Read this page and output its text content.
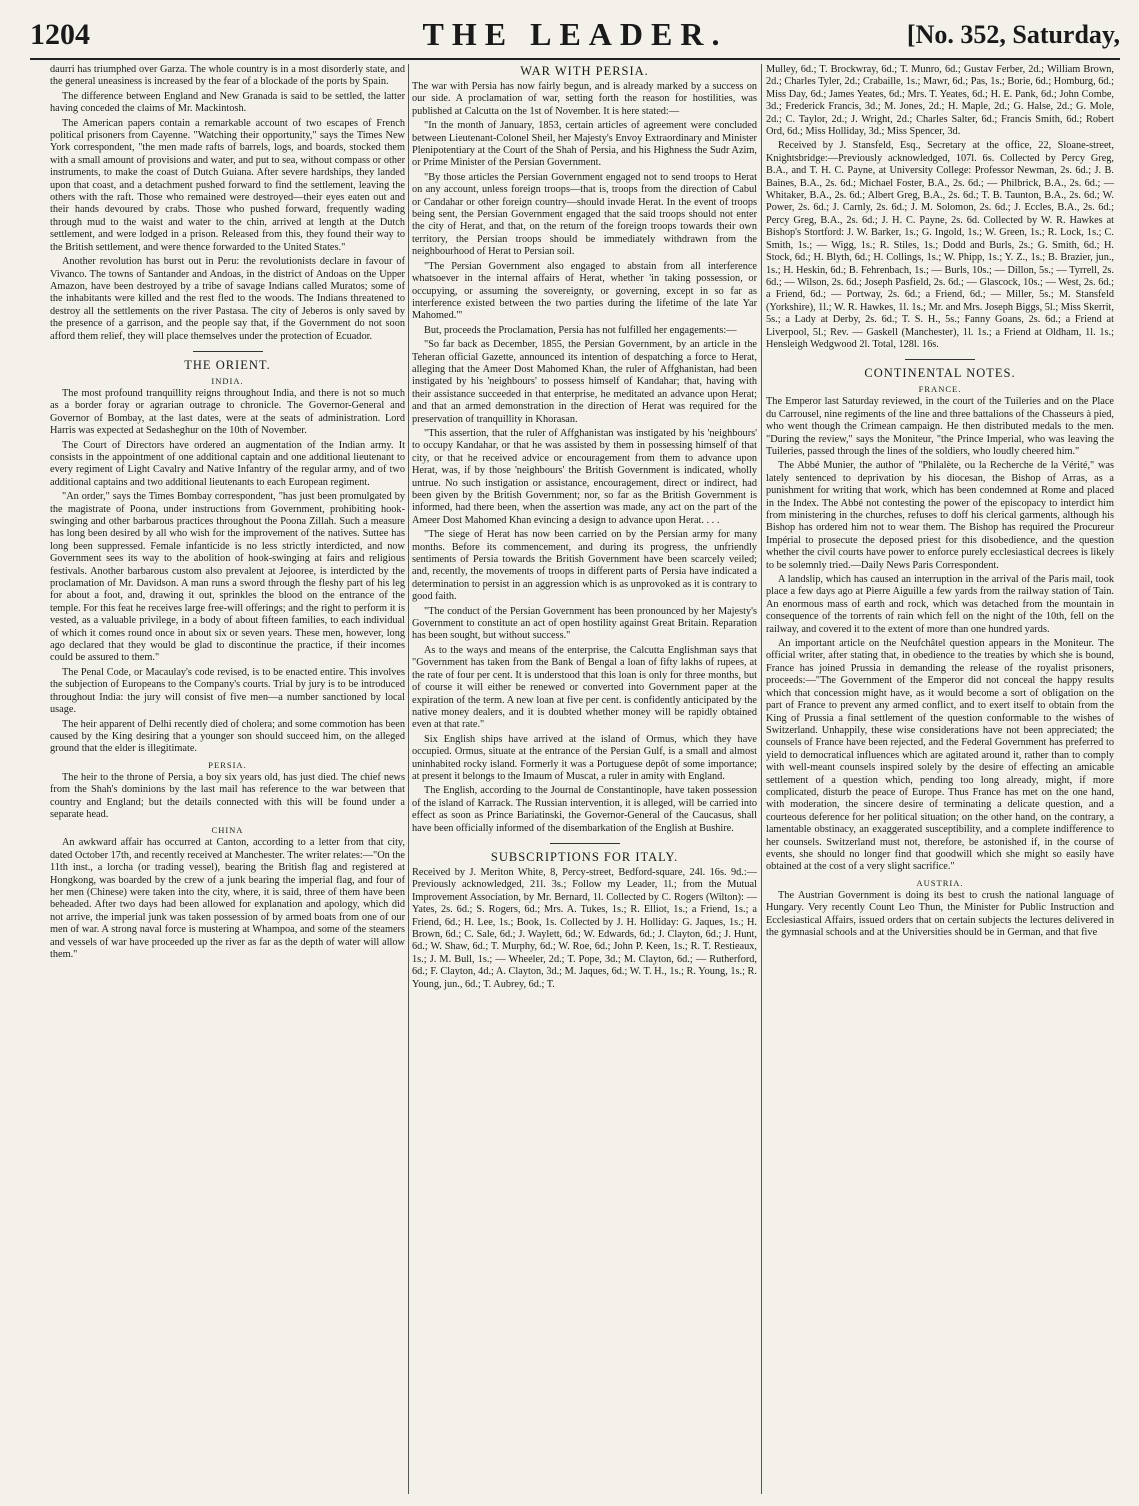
1204	THE LEADER.	[No. 352, Saturday,

daurri has triumphed over Garza. The whole country is in a most disorderly state, and the general uneasiness is increased by the fear of a blockade of the ports by Spain.

The difference between England and New Granada is said to be settled, the latter having conceded the claims of Mr. Mackintosh.

The American papers contain a remarkable account of two escapes of French political prisoners from Cayenne. "Watching their opportunity," says the Times New York correspondent, "the men made rafts of barrels, logs, and boards, stocked them with a small amount of provisions and water, and put to sea, without compass or other instruments, to make the coast of Dutch Guiana. After severe hardships, they landed upon that coast, and a detachment pushed forward to find the settlement, leaving the others with the raft. Those who remained were destroyed—their eyes eaten out and their hands devoured by crabs. Those who pushed forward, frequently wading through mud to the waist and water to the chin, arrived at length at the Dutch settlement, and were lodged in a prison. Released from this, they found their way to the British settlement, and were thence forwarded to the United States."

Another revolution has burst out in Peru: the revolutionists declare in favour of Vivanco. The towns of Santander and Andoas, in the district of Andoas on the Upper Amazon, have been destroyed by a tribe of savage Indians called Muratos; some of the inhabitants were killed and the rest fled to the woods. The Indians threatened to destroy all the settlements on the river Pastasa. The city of Jeberos is only saved by the presence of a garrison, and the people say that, if the Government do not soon afford them relief, they will place themselves under the protection of Ecuador.

THE ORIENT.
INDIA.

The most profound tranquillity reigns throughout India, and there is not so much as a border foray or agrarian outrage to chronicle. The Governor-General and Governor of Bombay, at the last dates, were at the seats of administration. Lord Harris was expected at Sedasheghur on the 10th of November.

The Court of Directors have ordered an augmentation of the Indian army. It consists in the appointment of one additional captain and one additional lieutenant to every regiment of Light Cavalry and Native Infantry of the regular army, and of two additional captains and two additional lieutenants to each European regiment.

"An order," says the Times Bombay correspondent, "has just been promulgated by the magistrate of Poona, under instructions from Government, prohibiting hook-swinging and other barbarous practices throughout the Poona Zillah. Such a measure has long been desired by all who wish for the improvement of the natives. Suttee has long been suppressed. Female infanticide is no less strictly interdicted, and now Government sees its way to the abolition of hook-swinging at fairs and religious festivals. Another barbarous custom also prevalent at Jejooree, is interdicted by the proclamation of Mr. Davidson. A man runs a sword through the fleshy part of his leg for about a foot, and, drawing it out, sprinkles the blood on the entrance of the temple. For this feat he receives large free-will offerings; and the right to perform it is vested, as a valuable privilege, in a body of about fifteen families, to each individual of which it comes round once in about six or seven years. These men, however, long ago declared that they would be glad to discontinue the practice, if their incomes could be assured to them."

The Penal Code, or Macaulay's code revised, is to be enacted entire. This involves the subjection of Europeans to the Company's courts. Trial by jury is to be introduced throughout India: the jury will consist of five men—a number sanctioned by local usage.

The heir apparent of Delhi recently died of cholera; and some commotion has been caused by the King desiring that a younger son should succeed him, on the alleged ground that the elder is illegitimate.

PERSIA.

The heir to the throne of Persia, a boy six years old, has just died. The chief news from the Shah's dominions by the last mail has reference to the war between that country and England; but the details connected with this will be found under a separate head.

CHINA

An awkward affair has occurred at Canton, according to a letter from that city, dated October 17th, and recently received at Manchester. The writer relates:—"On the 11th inst., a lorcha (or trading vessel), bearing the British flag and registered at Hongkong, was boarded by the crew of a junk bearing the imperial flag, and four of her men (Chinese) were taken into the city, where, it is said, three of them have been beheaded. After two days had been allowed for explanation and apology, which did not arrive, the imperial junk was taken possession of by armed boats from one of our men of war. A strong naval force is mustering at Whampoa, and some of the steamers and vessels of war have proceeded up the river as far as the depth of water will allow them."

WAR WITH PERSIA.

The war with Persia has now fairly begun, and is already marked by a success on our side. A proclamation of war, setting forth the reason for hostilities, was published at Calcutta on the 1st of November. It is here stated:—

"In the month of January, 1853, certain articles of agreement were concluded between Lieutenant-Colonel Sheil, her Majesty's Envoy Extraordinary and Minister Plenipotentiary at the Court of the Shah of Persia, and his Highness the Sudr Azim, or Prime Minister of the Persian Government.

"By those articles the Persian Government engaged not to send troops to Herat on any account, unless foreign troops—that is, troops from the direction of Cabul or Candahar or other foreign country—should invade Herat. In the event of troops being sent, the Persian Government engaged that the said troops should not enter the city of Herat, and that, on the return of the foreign troops towards their own territory, the Persian troops should be immediately withdrawn from the neighbourhood of Herat to Persian soil.

"The Persian Government also engaged to abstain from all interference whatsoever in the internal affairs of Herat, whether 'in taking possession, or occupying, or assuming the sovereignty, or governing, except in so far as interference existed between the two parties during the lifetime of the late Yar Mahomed.'"

But, proceeds the Proclamation, Persia has not fulfilled her engagements:—

"So far back as December, 1855, the Persian Government, by an article in the Teheran official Gazette, announced its intention of despatching a force to Herat, alleging that the Ameer Dost Mahomed Khan, the ruler of Affghanistan, had been instigated by his 'neighbours' to possess himself of Kandahar; that, having with their assistance succeeded in that enterprise, he meditated an advance upon Herat; and that an armed demonstration in the direction of Herat was required for the preservation of tranquillity in Khorasan.

"This assertion, that the ruler of Affghanistan was instigated by his 'neighbours' to occupy Kandahar, or that he was assisted by them in possessing himself of that city, or that he received advice or encouragement from them to advance upon Herat, was, if by those 'neighbours' the British Government is indicated, wholly untrue. No such instigation or assistance, encouragement, direct or indirect, had been given by the British Government; nor, so far as the British Government is informed, had there been, when the assertion was made, any act on the part of the Ameer Dost Mahomed Khan evincing a design to advance upon Herat. . . .

"The siege of Herat has now been carried on by the Persian army for many months. Before its commencement, and during its progress, the unfriendly sentiments of Persia towards the British Government have been scarcely veiled; and, recently, the movements of troops in different parts of Persia have indicated a determination to persist in an aggression which is as unprovoked as it is contrary to good faith.

"The conduct of the Persian Government has been pronounced by her Majesty's Government to constitute an act of open hostility against Great Britain. Reparation has been sought, but without success."

As to the ways and means of the enterprise, the Calcutta Englishman says that "Government has taken from the Bank of Bengal a loan of fifty lakhs of rupees, at the rate of four per cent. It is understood that this loan is only for three months, but of course it will either be renewed or converted into Government paper at the expiration of the term. A new loan at five per cent. is confidently anticipated by the native money dealers, and it is doubted whether money will be rapidly obtained even at that rate."

Six English ships have arrived at the island of Ormus, which they have occupied. Ormus, situate at the entrance of the Persian Gulf, is a small and almost uninhabited rocky island. Formerly it was a Portuguese depôt of some importance; at present it belongs to the Imaum of Muscat, a ruler in amity with England.

The English, according to the Journal de Constantinople, have taken possession of the island of Karrack. The Russian intervention, it is alleged, will be carried into effect as soon as Prince Bariatinski, the Governor-General of the Caucasus, shall have been officially informed of the disembarkation of the English at Bushire.

SUBSCRIPTIONS FOR ITALY.

Received by J. Meriton White, 8, Percy-street, Bedford-square, 24l. 16s. 9d.:—Previously acknowledged, 21l. 3s.; Follow my Leader, 1l.; from the Mutual Improvement Association, by Mr. Bernard, 1l. Collected by C. Rogers (Wilton): — Yates, 2s. 6d.; S. Rogers, 6d.; Mrs. A. Tukes, 1s.; R. Elliot, 1s.; a Friend, 1s.; a Friend, 6d.; H. Lee, 1s.; Book, 1s. Collected by J. H. Holliday: G. Jaques, 1s.; H. Brown, 6d.; C. Sale, 6d.; J. Waylett, 6d.; W. Edwards, 6d.; J. Clayton, 6d.; J. Hunt, 6d.; W. Shaw, 6d.; T. Murphy, 6d.; W. Roe, 6d.; John P. Keen, 1s.; R. T. Restieaux, 1s.; J. M. Bull, 1s.; — Wheeler, 2d.; T. Pope, 3d.; M. Clayton, 6d.; — Rutherford, 6d.; F. Clayton, 4d.; A. Clayton, 3d.; M. Jaques, 6d.; W. T. H., 1s.; R. Young, 1s.; R. Young, jun., 6d.; T. Aubrey, 6d.; T.

Mulley, 6d.; T. Brockwray, 6d.; T. Munro, 6d.; Gustav Ferber, 2d.; William Brown, 2d.; Charles Tyler, 2d.; Crabaille, 1s.; Mawr, 6d.; Pas, 1s.; Borie, 6d.; Homburg, 6d.; Miss Day, 6d.; James Yeates, 6d.; Mrs. T. Yeates, 6d.; H. E. Pank, 6d.; John Combe, 3d.; Frederick Francis, 3d.; M. Jones, 2d.; H. Maple, 2d.; G. Halse, 2d.; G. Mole, 2d.; C. Taylor, 2d.; J. Wright, 2d.; Charles Salter, 6d.; Francis Smith, 6d.; Robert Ord, 6d.; Miss Holliday, 3d.; Miss Spencer, 3d.

Received by J. Stansfeld, Esq., Secretary at the office, 22, Sloane-street, Knightsbridge:—Previously acknowledged, 107l. 6s. Collected by Percy Greg, B.A., and T. H. C. Payne, at University College: Professor Newman, 2s. 6d.; J. B. Baines, B.A., 2s. 6d.; Michael Foster, B.A., 2s. 6d.; — Philbrick, B.A., 2s. 6d.; — Whitaker, B.A., 2s. 6d.; Albert Greg, B.A., 2s. 6d.; T. B. Taunton, B.A., 2s. 6d.; W. Power, 2s. 6d.; J. Carnly, 2s. 6d.; J. M. Solomon, 2s. 6d.; J. Eccles, B.A., 2s. 6d.; Percy Greg, B.A., 2s. 6d.; J. H. C. Payne, 2s. 6d. Collected by W. R. Hawkes at Bishop's Stortford: J. W. Barker, 1s.; G. Ingold, 1s.; W. Green, 1s.; R. Lock, 1s.; C. Smith, 1s.; — Wigg, 1s.; R. Stiles, 1s.; Dodd and Burls, 2s.; G. Smith, 6d.; H. Stock, 6d.; H. Blyth, 6d.; H. Collings, 1s.; W. Phipp, 1s.; Y. Z., 1s.; B. Brazier, jun., 1s.; H. Heskin, 6d.; B. Fehrenbach, 1s.; — Burls, 10s.; — Dillon, 5s.; — Tyrrell, 2s. 6d.; — Wilson, 2s. 6d.; Joseph Pasfield, 2s. 6d.; — Glascock, 10s.; — West, 2s. 6d.; a Friend, 6d.; — Portway, 2s. 6d.; a Friend, 6d.; — Miller, 5s.; M. Stansfeld (Yorkshire), 1l.; W. R. Hawkes, 1l. 1s.; Mr. and Mrs. Joseph Biggs, 5l.; Miss Skerrit, 5s.; a Lady at Derby, 2s. 6d.; T. S. H., 5s.; Fanny Goans, 2s. 6d.; a Friend at Liverpool, 5l.; Rev. — Gaskell (Manchester), 1l. 1s.; a Friend at Oldham, 1l. 1s.; Hensleigh Wedgwood 2l. Total, 128l. 16s.

CONTINENTAL NOTES.
FRANCE.

The Emperor last Saturday reviewed, in the court of the Tuileries and on the Place du Carrousel, nine regiments of the line and three battalions of the Chasseurs à pied, who went though the Crimean campaign. He then distributed medals to the men. "During the review," says the Moniteur, "the Prince Imperial, who was leaving the Tuileries, passed through the lines of the soldiers, who loudly cheered him."

The Abbé Munier, the author of "Philalète, ou la Recherche de la Vérité," was lately sentenced to deprivation by his diocesan, the Bishop of Arras, as a punishment for writing that work, which has been condemned at Rome and placed in the Index. The Abbé not contesting the power of the episcopacy to interdict him from ministering in the churches, refuses to doff his clerical garments, although his Bishop has ordered him not to wear them. The Bishop has required the Procureur Impérial to prosecute the deposed priest for this disobedience, and the question whether the civil courts have power to enforce purely ecclesiastical decrees is likely to be solemnly tried.—Daily News Paris Correspondent.

A landslip, which has caused an interruption in the arrival of the Paris mail, took place a few days ago at Pierre Aiguille a few yards from the railway station of Tain. An enormous mass of earth and rock, which was detached from the mountain in consequence of the torrents of rain which fell on the night of the 10th, fell on the railway, and covered it to the extent of more than one hundred yards.

An important article on the Neufchâtel question appears in the Moniteur. The official writer, after stating that, in obedience to the treaties by which she is bound, France has joined Prussia in demanding the release of the royalist prisoners, proceeds:—"The Government of the Emperor did not conceal the happy results which that concession might have, as it would become a sort of obligation on the part of France to prevent any armed conflict, and to exert itself to obtain from the King of Prussia a final settlement of the question conformable to the wishes of Switzerland. Unhappily, these wise considerations have not been appreciated; the counsels of France have been rejected, and the Federal Government has preferred to yield to democratical influences which are agitated around it, rather than to comply with well-meant counsels inspired solely by the desire of effecting an amicable settlement of a question which, pending too long already, might, if more complicated, disturb the peace of Europe. Thus France has met on the one hand, with moderation, the sincere desire of terminating a delicate question, and a courteous deference for her political situation; on the other hand, on the contrary, a lamentable obstinacy, an exaggerated susceptibility, and a complete indifference to her counsels. Switzerland must not, therefore, be astonished if, in the course of events, she should no longer find that goodwill which she might so easily have obtained at the cost of a very slight sacrifice."

AUSTRIA.

The Austrian Government is doing its best to crush the national language of Hungary. Very recently Count Leo Thun, the Minister for Public Instruction and Ecclesiastical Affairs, issued orders that on certain subjects the lectures delivered in the gymnasial schools and at the Universities should be in German, and that five
